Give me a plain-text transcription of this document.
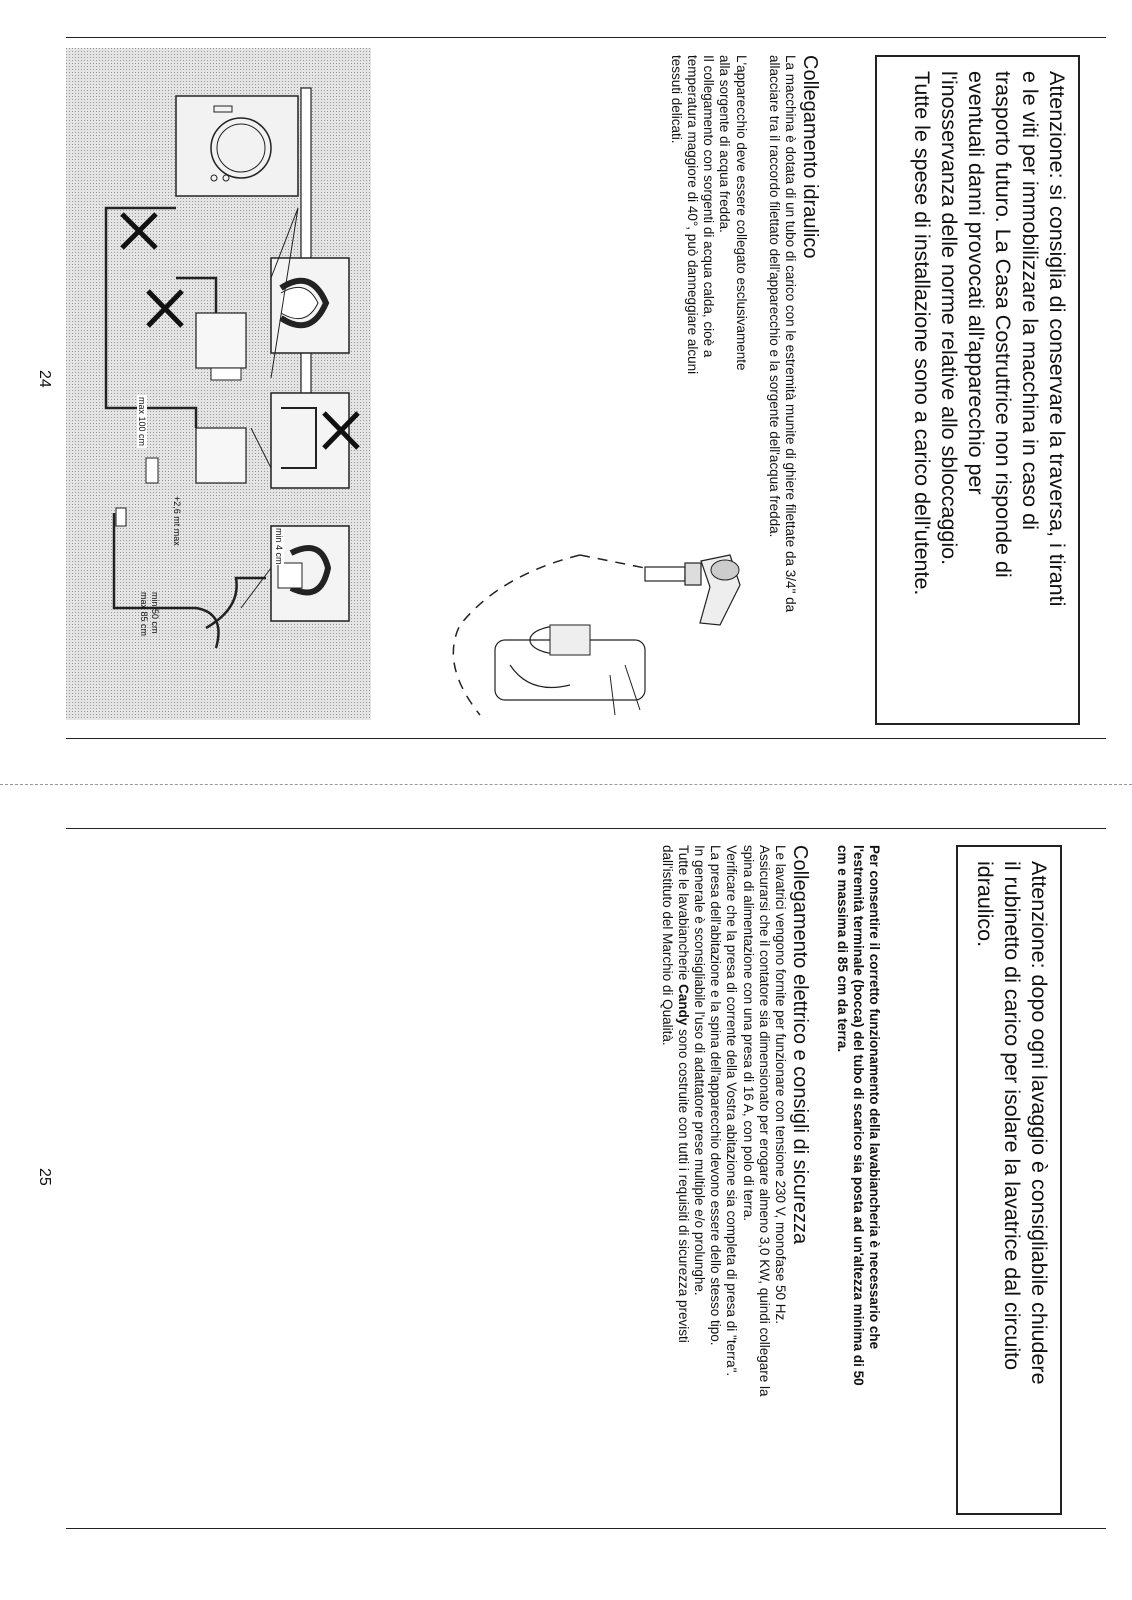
Attenzione: si consiglia di conservare la traversa, i tiranti

e le viti per immobilizzare la macchina in caso di

trasporto futuro. La Casa Costruttrice non risponde di

eventuali danni provocati all'apparecchio per

l'inosservanza delle norme relative allo sbloccaggio.

Tutte le spese di installazione sono a carico dell'utente.

Collegamento idraulico

La macchina è dotata di un tubo di carico con le estremità munite di ghiere filettate da 3/4" da

allacciare tra il raccordo filettato dell'apparecchio e la sorgente dell'acqua fredda.

L'apparecchio deve essere collegato esclusivamente

alla sorgente di acqua fredda.

Il collegamento con sorgenti di acqua calda, cioè a

temperatura maggiore di 40°, può danneggiare alcuni

tessuti delicati.

max 100 cm
+2,6 mt max
min 4 cm
min 50 cm
max 85 cm
24

Attenzione: dopo ogni lavaggio è consigliabile chiudere

il rubinetto di carico per isolare la lavatrice dal circuito

idraulico.

Per consentire il corretto funzionamento della lavabiancheria è necessario che

l'estremità terminale (bocca) del tubo di scarico sia posta ad un'altezza minima di 50

cm e massima di 85 cm da terra.

Collegamento elettrico e consigli di sicurezza

Le lavatrici vengono fornite per funzionare con tensione 230 V, monofase 50 Hz.

Assicurarsi che il contatore sia dimensionato per erogare almeno 3,0 KW, quindi collegare la

spina di alimentazione con una presa di 16 A, con polo di terra.

Verificare che la presa di corrente della Vostra abitazione sia completa di presa di "terra".

La presa dell'abitazione e la spina dell'apparecchio devono essere dello stesso tipo.

In generale è sconsigliabile l'uso di adattatore prese multiple e/o prolunghe.

Tutte le lavabiancherie Candy sono costruite con tutti i requisiti di sicurezza previsti

dall'istituto del Marchio di Qualità.

25
